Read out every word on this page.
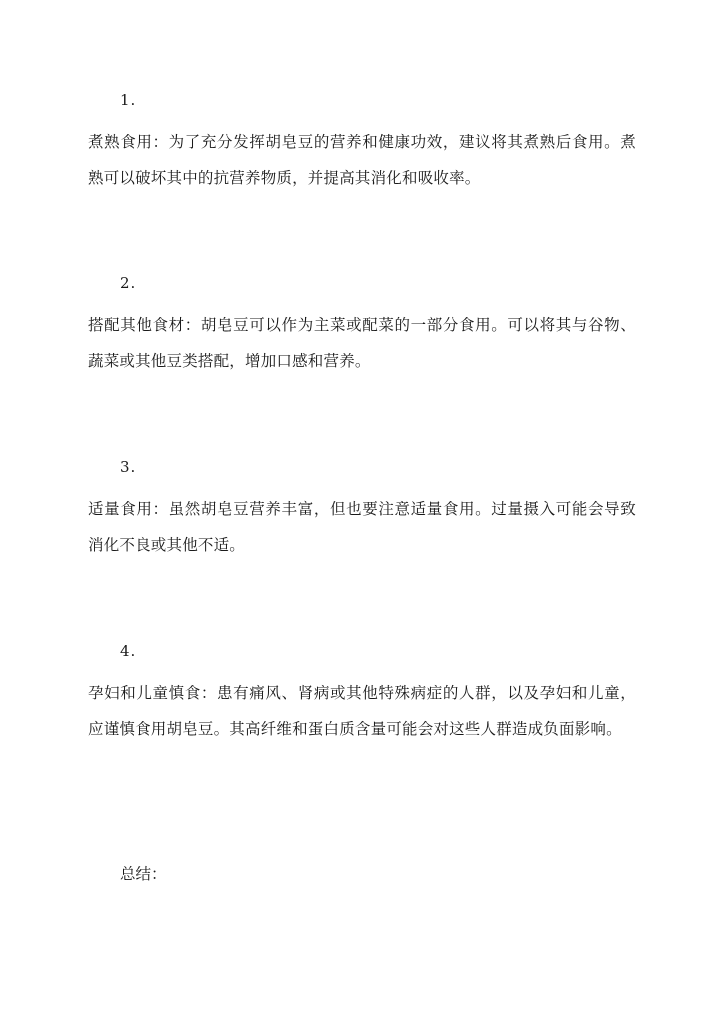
1.
煮熟食用：为了充分发挥胡皂豆的营养和健康功效，建议将其煮熟后食用。煮熟可以破坏其中的抗营养物质，并提高其消化和吸收率。
2.
搭配其他食材：胡皂豆可以作为主菜或配菜的一部分食用。可以将其与谷物、蔬菜或其他豆类搭配，增加口感和营养。
3.
适量食用：虽然胡皂豆营养丰富，但也要注意适量食用。过量摄入可能会导致消化不良或其他不适。
4.
孕妇和儿童慎食：患有痛风、肾病或其他特殊病症的人群，以及孕妇和儿童，应谨慎食用胡皂豆。其高纤维和蛋白质含量可能会对这些人群造成负面影响。
总结：
